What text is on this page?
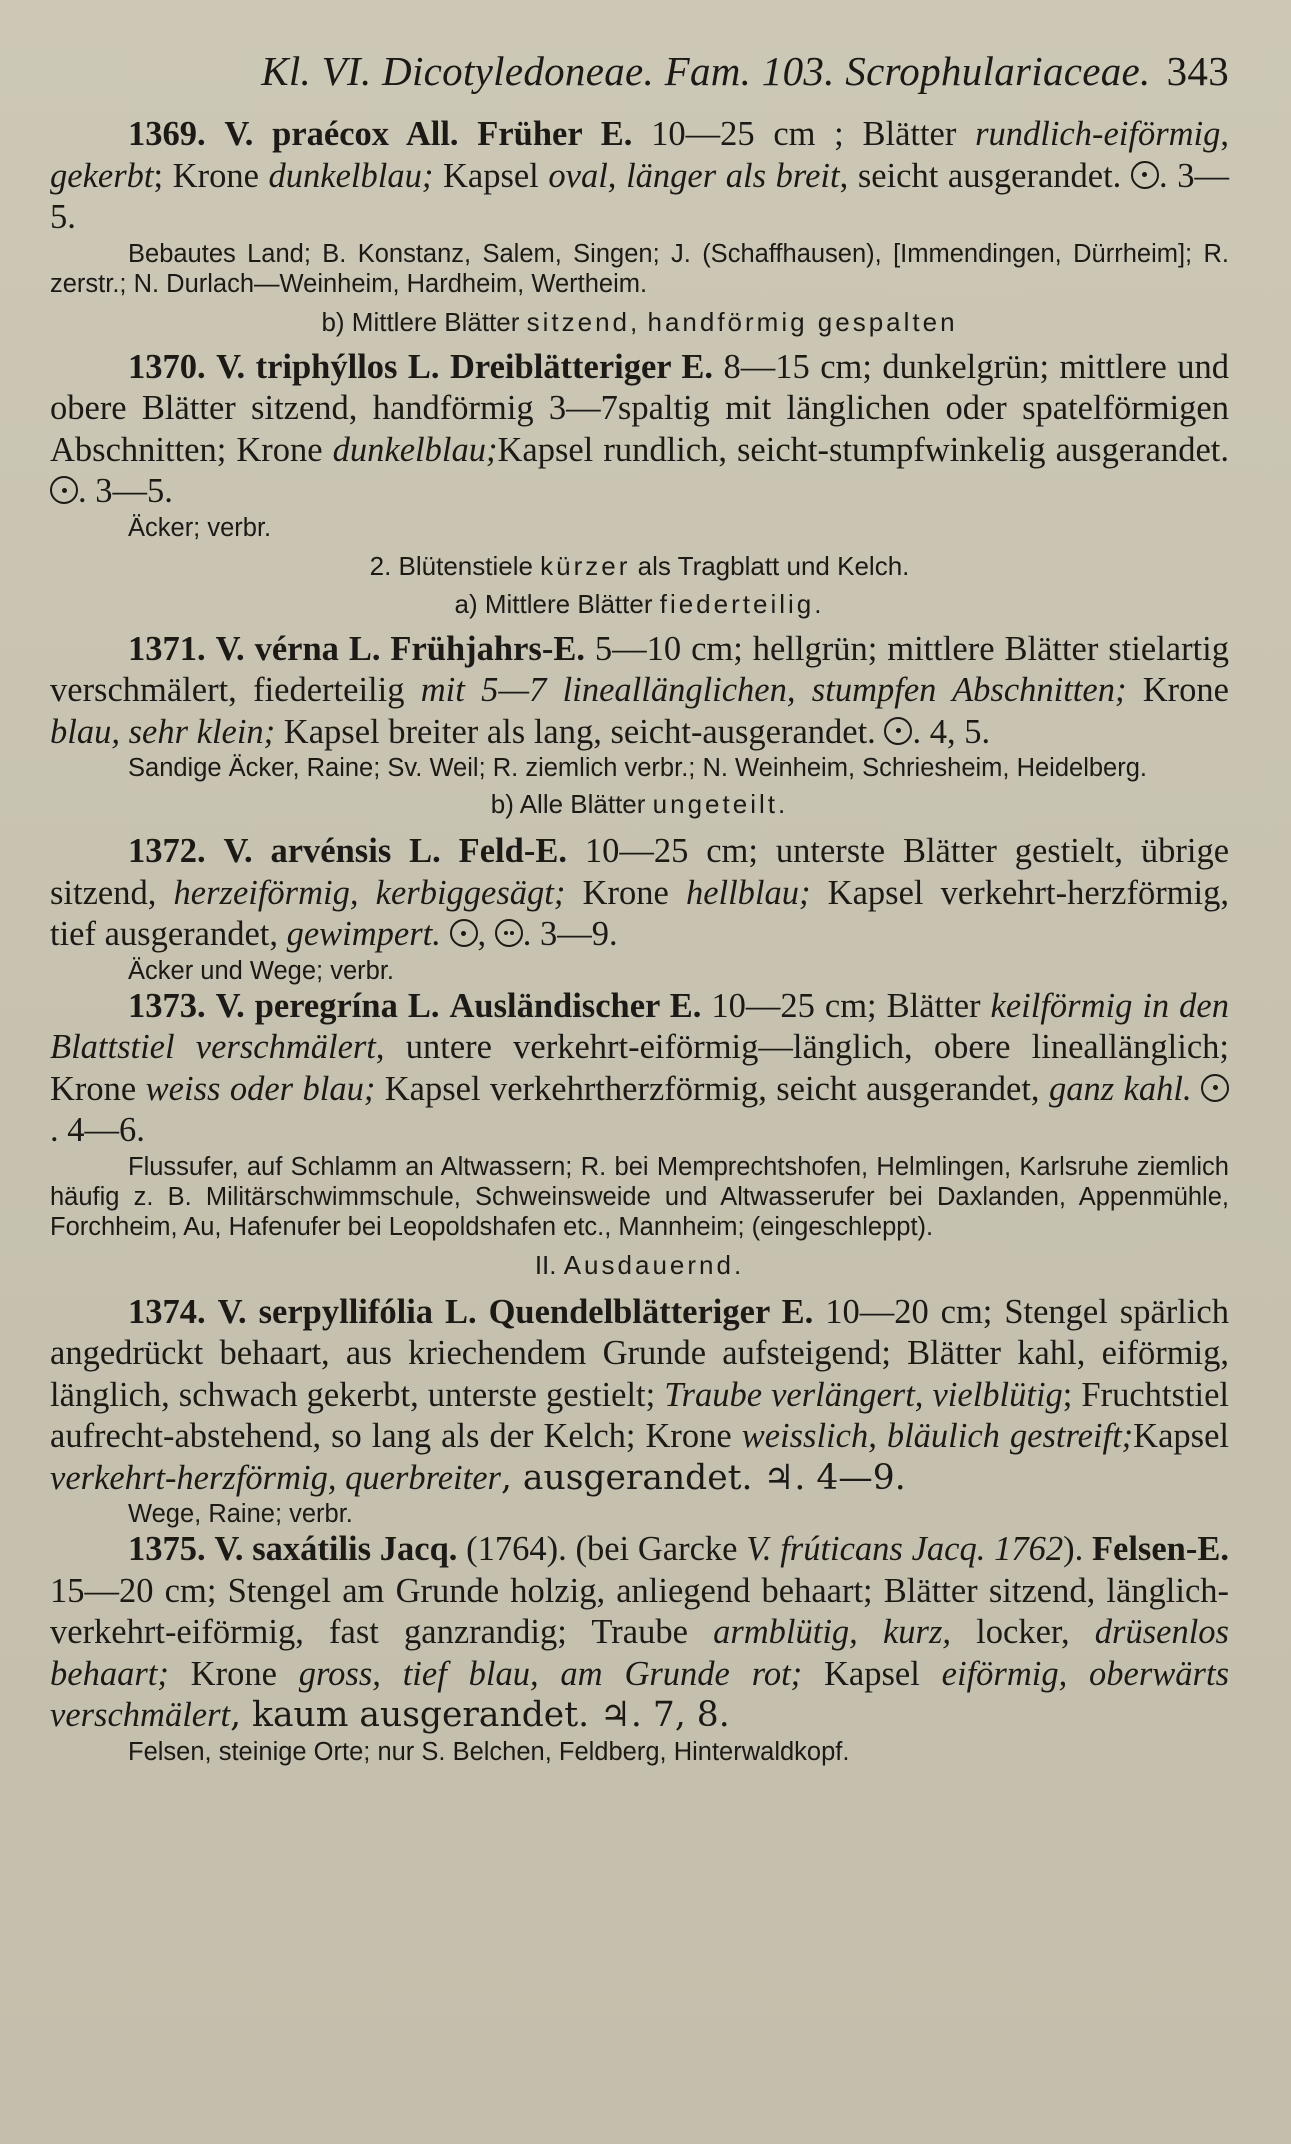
Kl. VI. Dicotyledoneae. Fam. 103. Scrophulariaceae. 343

1369. V. praécox All. Früher E. 10—25 cm ; Blätter rundlich-eiförmig, gekerbt; Krone dunkelblau; Kapsel oval, länger als breit, seicht ausgerandet. . 3—5.

Bebautes Land; B. Konstanz, Salem, Singen; J. (Schaffhausen), [Immendingen, Dürrheim]; R. zerstr.; N. Durlach—Weinheim, Hardheim, Wertheim.

b) Mittlere Blätter sitzend, handförmig gespalten

1370. V. triphýllos L. Dreiblätteriger E. 8—15 cm; dunkelgrün; mittlere und obere Blätter sitzend, handförmig 3—7spaltig mit länglichen oder spatelförmigen Abschnitten; Krone dunkelblau;Kapsel rundlich, seicht-stumpfwinkelig ausgerandet. . 3—5.

Äcker; verbr.

2. Blütenstiele kürzer als Tragblatt und Kelch.

a) Mittlere Blätter fiederteilig.

1371. V. vérna L. Frühjahrs-E. 5—10 cm; hellgrün; mittlere Blätter stielartig verschmälert, fiederteilig mit 5—7 lineallänglichen, stumpfen Abschnitten; Krone blau, sehr klein; Kapsel breiter als lang, seicht-ausgerandet. . 4, 5.

Sandige Äcker, Raine; Sv. Weil; R. ziemlich verbr.; N. Weinheim, Schriesheim, Heidelberg.

b) Alle Blätter ungeteilt.

1372. V. arvénsis L. Feld-E. 10—25 cm; unterste Blätter gestielt, übrige sitzend, herzeiförmig, kerbiggesägt; Krone hellblau; Kapsel verkehrt-herzförmig, tief ausgerandet, gewimpert. , . 3—9.

Äcker und Wege; verbr.

1373. V. peregrína L. Ausländischer E. 10—25 cm; Blätter keilförmig in den Blattstiel verschmälert, untere verkehrt-eiförmig—länglich, obere lineallänglich; Krone weiss oder blau; Kapsel verkehrtherzförmig, seicht ausgerandet, ganz kahl. . 4—6.

Flussufer, auf Schlamm an Altwassern; R. bei Memprechtshofen, Helmlingen, Karlsruhe ziemlich häufig z. B. Militärschwimmschule, Schweinsweide und Altwasserufer bei Daxlanden, Appenmühle, Forchheim, Au, Hafenufer bei Leopoldshafen etc., Mannheim; (eingeschleppt).

II. Ausdauernd.

1374. V. serpyllifólia L. Quendelblätteriger E. 10—20 cm; Stengel spärlich angedrückt behaart, aus kriechendem Grunde aufsteigend; Blätter kahl, eiförmig, länglich, schwach gekerbt, unterste gestielt; Traube verlängert, vielblütig; Fruchtstiel aufrecht-abstehend, so lang als der Kelch; Krone weisslich, bläulich gestreift;Kapsel verkehrt-herzförmig, querbreiter, ausgerandet. ♃. 4—9.

Wege, Raine; verbr.

1375. V. saxátilis Jacq. (1764). (bei Garcke V. frúticans Jacq. 1762). Felsen-E. 15—20 cm; Stengel am Grunde holzig, anliegend behaart; Blätter sitzend, länglich-verkehrt-eiförmig, fast ganzrandig; Traube armblütig, kurz, locker, drüsenlos behaart; Krone gross, tief blau, am Grunde rot; Kapsel eiförmig, oberwärts verschmälert, kaum ausgerandet. ♃. 7, 8.

Felsen, steinige Orte; nur S. Belchen, Feldberg, Hinterwaldkopf.
